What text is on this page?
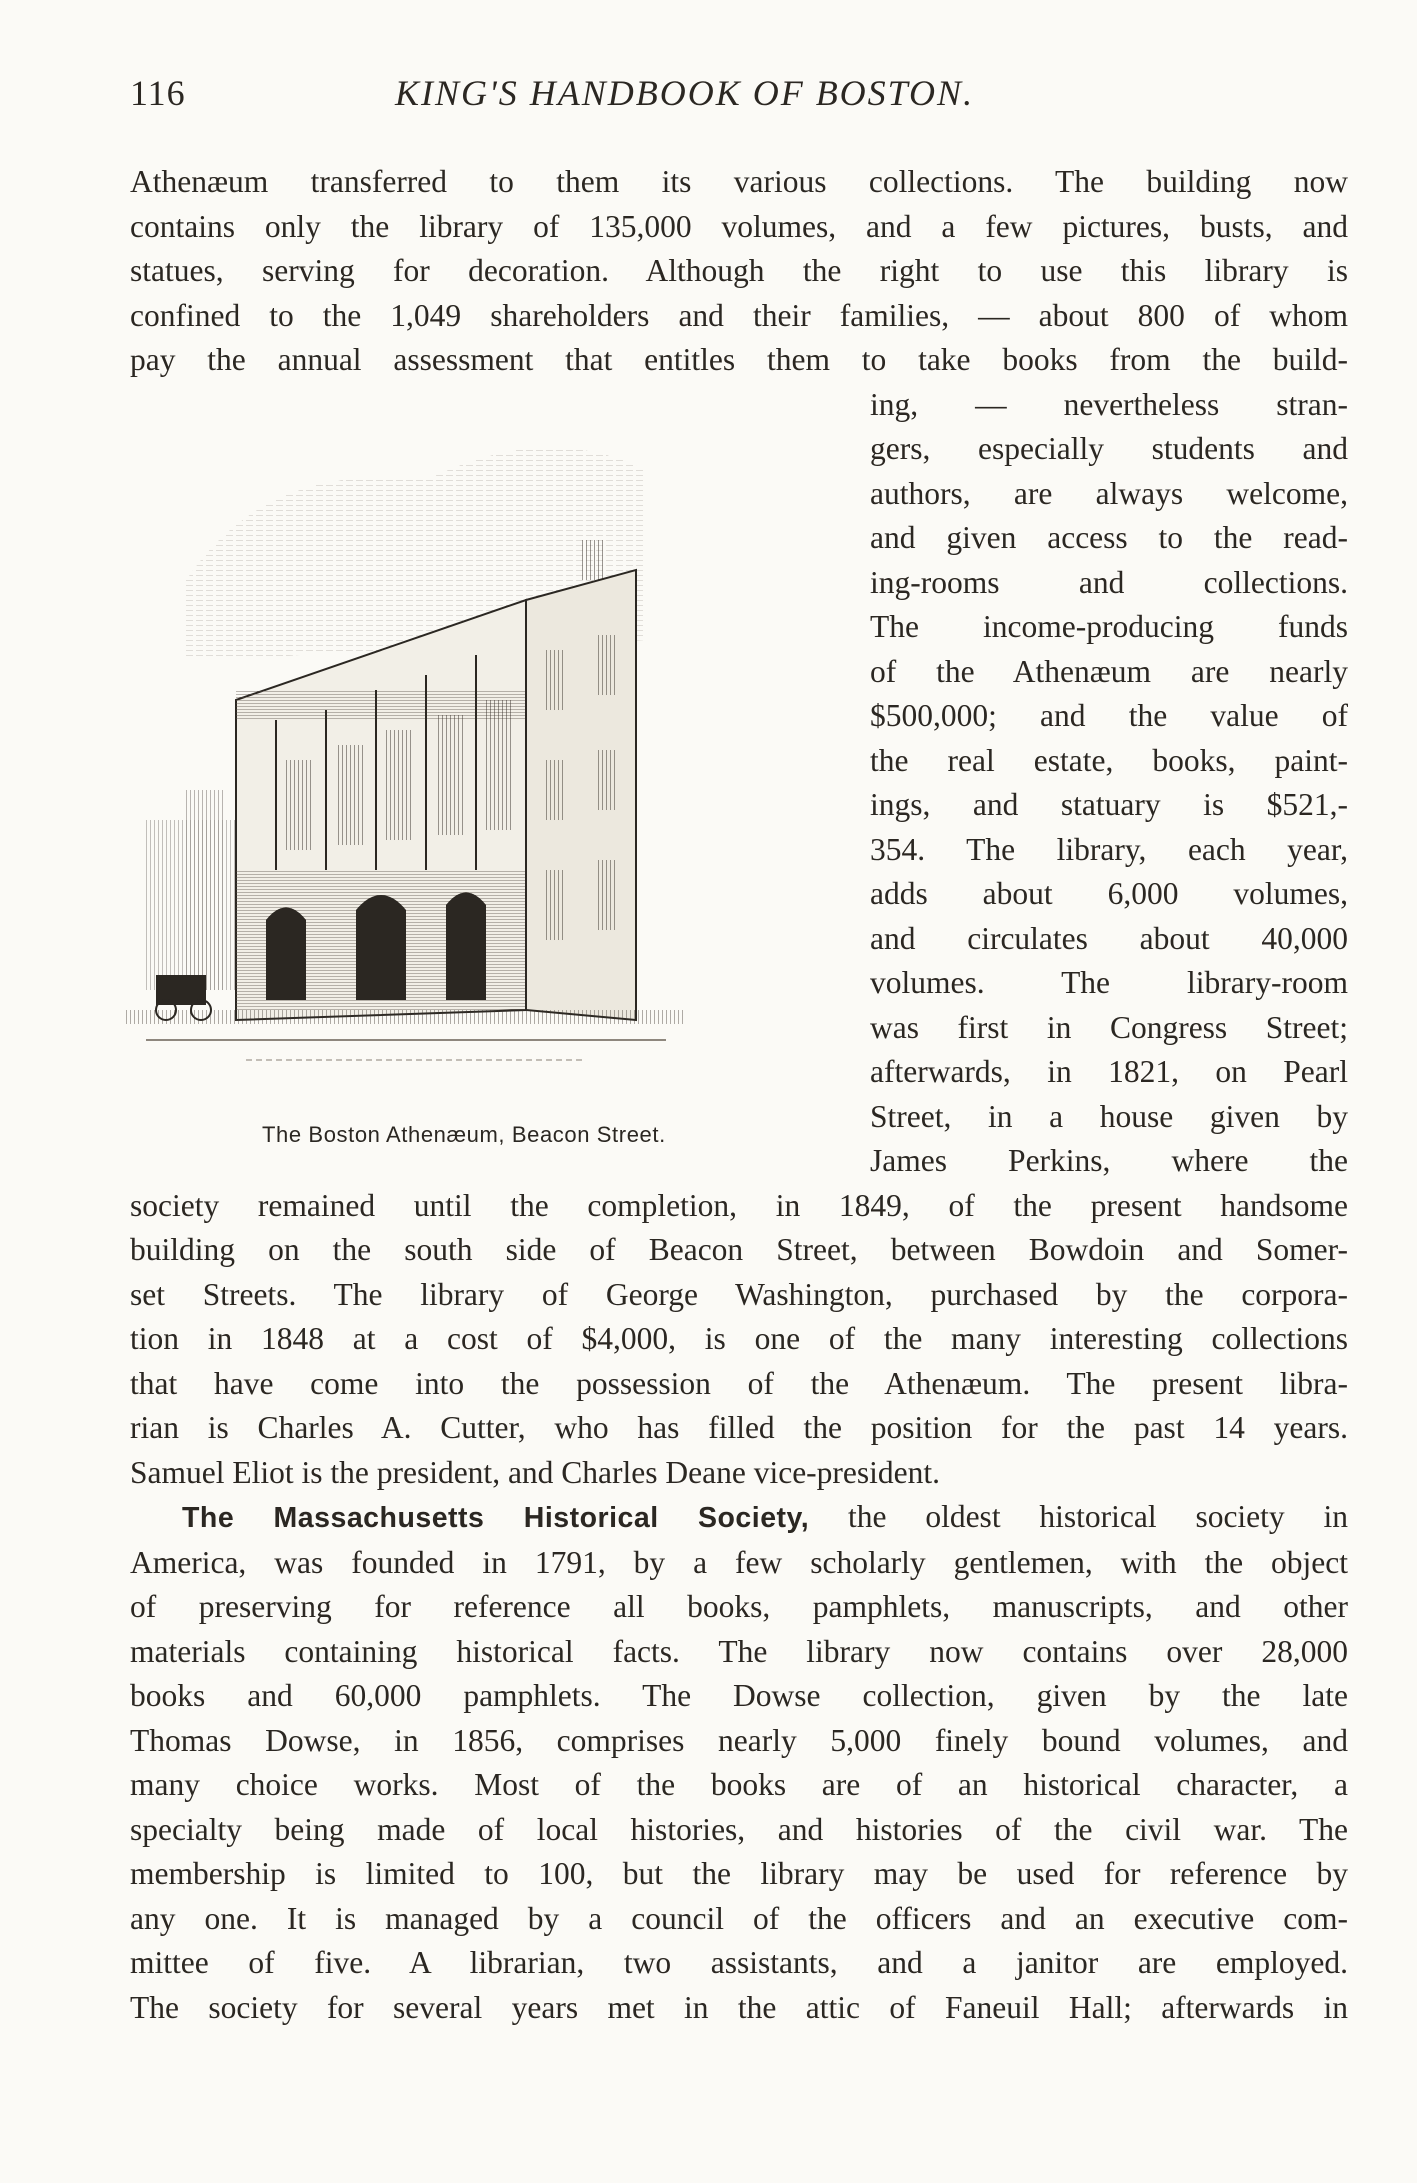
116	KING'S HANDBOOK OF BOSTON.
The Boston Athenæum, Beacon Street.
Athenæum transferred to them its various collections. The building now
contains only the library of 135,000 volumes, and a few pictures, busts, and
statues, serving for decoration. Although the right to use this library is
confined to the 1,049 shareholders and their families, — about 800 of whom
pay the annual assessment that entitles them to take books from the build-
ing, — nevertheless stran-
gers, especially students and
authors, are always welcome,
and given access to the read-
ing-rooms and collections.
The income-producing funds
of the Athenæum are nearly
$500,000; and the value of
the real estate, books, paint-
ings, and statuary is $521,-
354. The library, each year,
adds about 6,000 volumes,
and circulates about 40,000
volumes. The library-room
was first in Congress Street;
afterwards, in 1821, on Pearl
Street, in a house given by
James Perkins, where the
society remained until the completion, in 1849, of the present handsome
building on the south side of Beacon Street, between Bowdoin and Somer-
set Streets. The library of George Washington, purchased by the corpora-
tion in 1848 at a cost of $4,000, is one of the many interesting collections
that have come into the possession of the Athenæum. The present libra-
rian is Charles A. Cutter, who has filled the position for the past 14 years.
Samuel Eliot is the president, and Charles Deane vice-president.
The Massachusetts Historical Society, the oldest historical society in
America, was founded in 1791, by a few scholarly gentlemen, with the object
of preserving for reference all books, pamphlets, manuscripts, and other
materials containing historical facts. The library now contains over 28,000
books and 60,000 pamphlets. The Dowse collection, given by the late
Thomas Dowse, in 1856, comprises nearly 5,000 finely bound volumes, and
many choice works. Most of the books are of an historical character, a
specialty being made of local histories, and histories of the civil war. The
membership is limited to 100, but the library may be used for reference by
any one. It is managed by a council of the officers and an executive com-
mittee of five. A librarian, two assistants, and a janitor are employed.
The society for several years met in the attic of Faneuil Hall; afterwards in
